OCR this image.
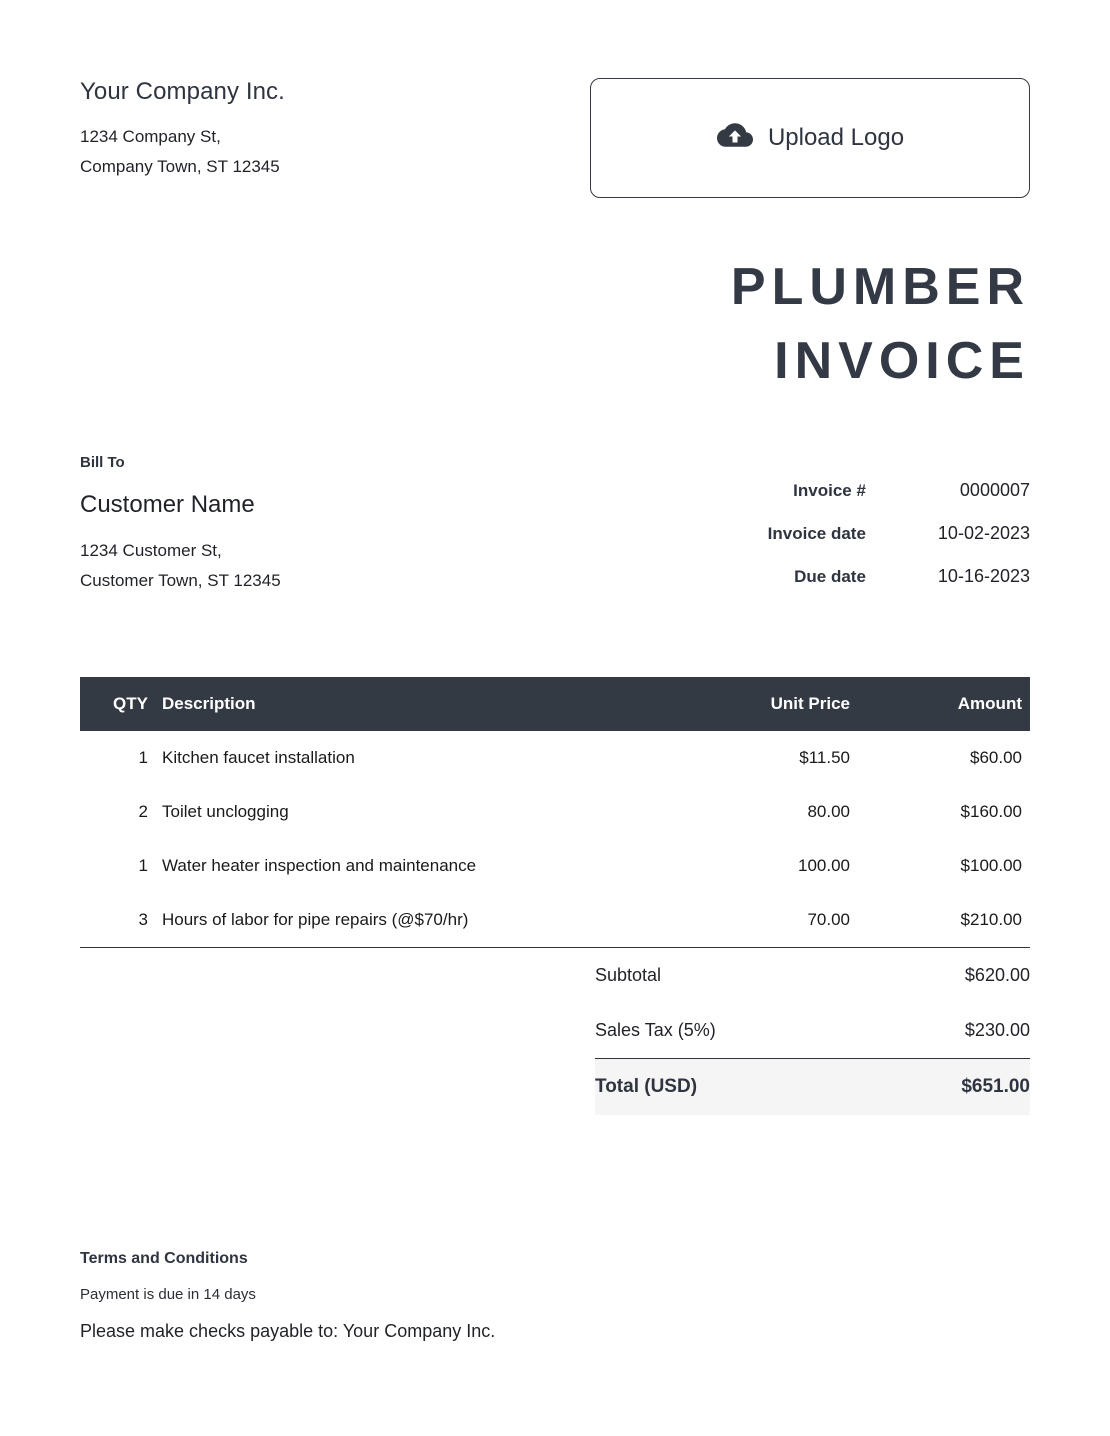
Your Company Inc.
1234 Company St,
Company Town, ST 12345
Upload Logo
PLUMBER
INVOICE
Bill To
Customer Name
1234 Customer St,
Customer Town, ST 12345
Invoice #	0000007
Invoice date	10-02-2023
Due date	10-16-2023
QTY	Description	Unit Price	Amount
1	Kitchen faucet installation	$11.50	$60.00
2	Toilet unclogging	80.00	$160.00
1	Water heater inspection and maintenance	100.00	$100.00
3	Hours of labor for pipe repairs (@$70/hr)	70.00	$210.00
Subtotal	$620.00
Sales Tax (5%)	$230.00
Total (USD)	$651.00
Terms and Conditions
Payment is due in 14 days
Please make checks payable to: Your Company Inc.
